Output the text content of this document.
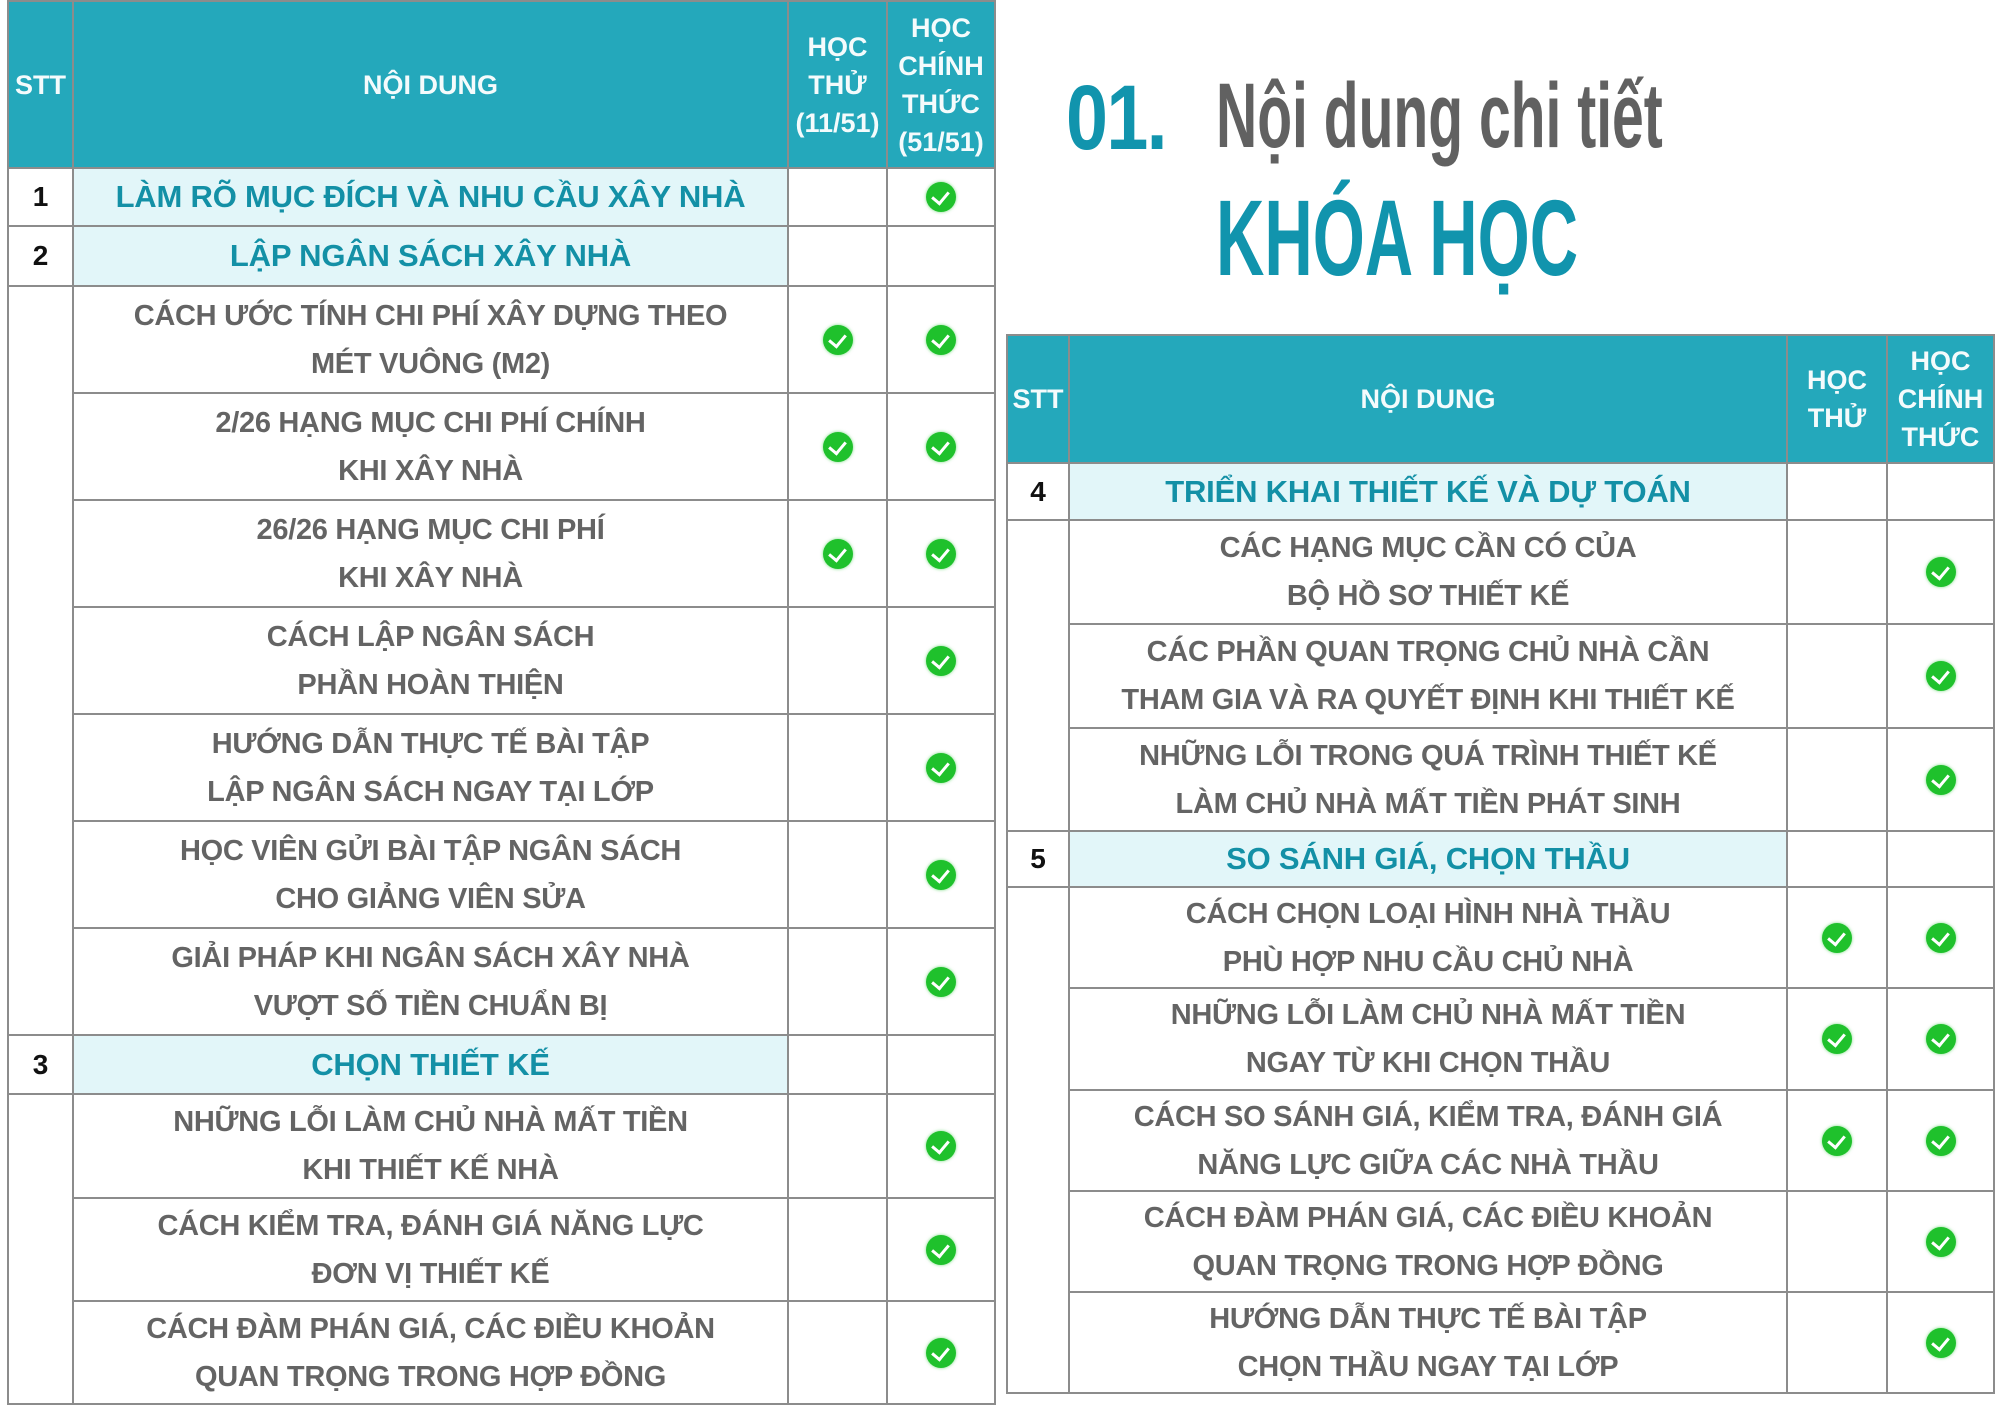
01. Nội dung chi tiết
KHÓA HỌC
STT	NỘI DUNG	HỌC THỬ (11/51)	HỌC CHÍNH THỨC (51/51)
1	LÀM RÕ MỤC ĐÍCH VÀ NHU CẦU XÂY NHÀ		
2	LẬP NGÂN SÁCH XÂY NHÀ		

	CÁCH ƯỚC TÍNH CHI PHÍ XÂY DỰNG THEO
MÉT VUÔNG (M2)		

	2/26 HẠNG MỤC CHI PHÍ CHÍNH
KHI XÂY NHÀ		

	26/26 HẠNG MỤC CHI PHÍ
KHI XÂY NHÀ		

	CÁCH LẬP NGÂN SÁCH
PHẦN HOÀN THIỆN		

	HƯỚNG DẪN THỰC TẾ BÀI TẬP
LẬP NGÂN SÁCH NGAY TẠI LỚP		

	HỌC VIÊN GỬI BÀI TẬP NGÂN SÁCH
CHO GIẢNG VIÊN SỬA		

	GIẢI PHÁP KHI NGÂN SÁCH XÂY NHÀ
VƯỢT SỐ TIỀN CHUẨN BỊ		

3	CHỌN THIẾT KẾ		

	NHỮNG LỖI LÀM CHỦ NHÀ MẤT TIỀN
KHI THIẾT KẾ NHÀ		

	CÁCH KIỂM TRA, ĐÁNH GIÁ NĂNG LỰC
ĐƠN VỊ THIẾT KẾ		

	CÁCH ĐÀM PHÁN GIÁ, CÁC ĐIỀU KHOẢN
QUAN TRỌNG TRONG HỢP ĐỒNG		

STT	NỘI DUNG	HỌC THỬ	HỌC CHÍNH THỨC
4	TRIỂN KHAI THIẾT KẾ VÀ DỰ TOÁN		

	CÁC HẠNG MỤC CẦN CÓ CỦA
BỘ HỒ SƠ THIẾT KẾ		

	CÁC PHẦN QUAN TRỌNG CHỦ NHÀ CẦN
THAM GIA VÀ RA QUYẾT ĐỊNH KHI THIẾT KẾ		

	NHỮNG LỖI TRONG QUÁ TRÌNH THIẾT KẾ
LÀM CHỦ NHÀ MẤT TIỀN PHÁT SINH		

5	SO SÁNH GIÁ, CHỌN THẦU		

	CÁCH CHỌN LOẠI HÌNH NHÀ THẦU
PHÙ HỢP NHU CẦU CHỦ NHÀ		

	NHỮNG LỖI LÀM CHỦ NHÀ MẤT TIỀN
NGAY TỪ KHI CHỌN THẦU		

	CÁCH SO SÁNH GIÁ, KIỂM TRA, ĐÁNH GIÁ
NĂNG LỰC GIỮA CÁC NHÀ THẦU		

	CÁCH ĐÀM PHÁN GIÁ, CÁC ĐIỀU KHOẢN
QUAN TRỌNG TRONG HỢP ĐỒNG		

	HƯỚNG DẪN THỰC TẾ BÀI TẬP
CHỌN THẦU NGAY TẠI LỚP		
